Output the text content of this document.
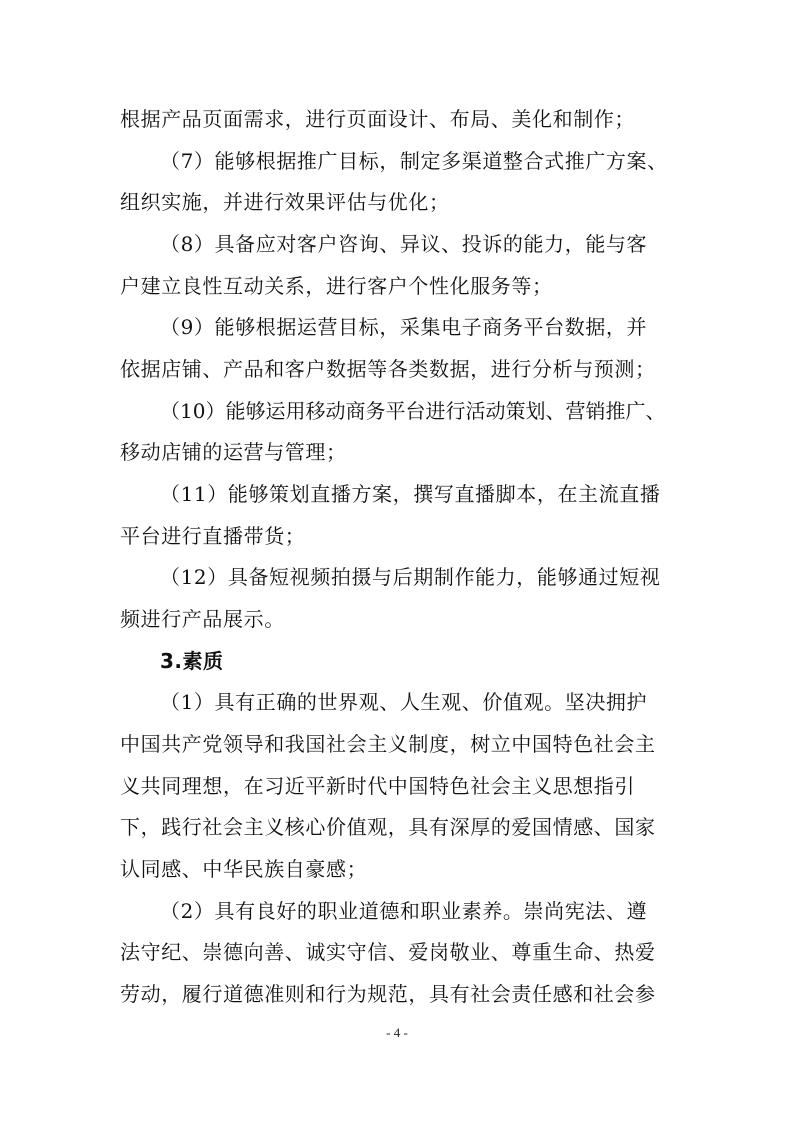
根据产品页面需求，进行页面设计、布局、美化和制作；
（7）能够根据推广目标，制定多渠道整合式推广方案、
组织实施，并进行效果评估与优化；
（8）具备应对客户咨询、异议、投诉的能力，能与客
户建立良性互动关系，进行客户个性化服务等；
（9）能够根据运营目标，采集电子商务平台数据，并
依据店铺、产品和客户数据等各类数据，进行分析与预测；
（10）能够运用移动商务平台进行活动策划、营销推广、
移动店铺的运营与管理；
（11）能够策划直播方案，撰写直播脚本，在主流直播
平台进行直播带货；
（12）具备短视频拍摄与后期制作能力，能够通过短视
频进行产品展示。
3.素质
（1）具有正确的世界观、人生观、价值观。坚决拥护
中国共产党领导和我国社会主义制度，树立中国特色社会主
义共同理想，在习近平新时代中国特色社会主义思想指引
下，践行社会主义核心价值观，具有深厚的爱国情感、国家
认同感、中华民族自豪感；
（2）具有良好的职业道德和职业素养。崇尚宪法、遵
法守纪、崇德向善、诚实守信、爱岗敬业、尊重生命、热爱
劳动，履行道德准则和行为规范，具有社会责任感和社会参
- 4 -
